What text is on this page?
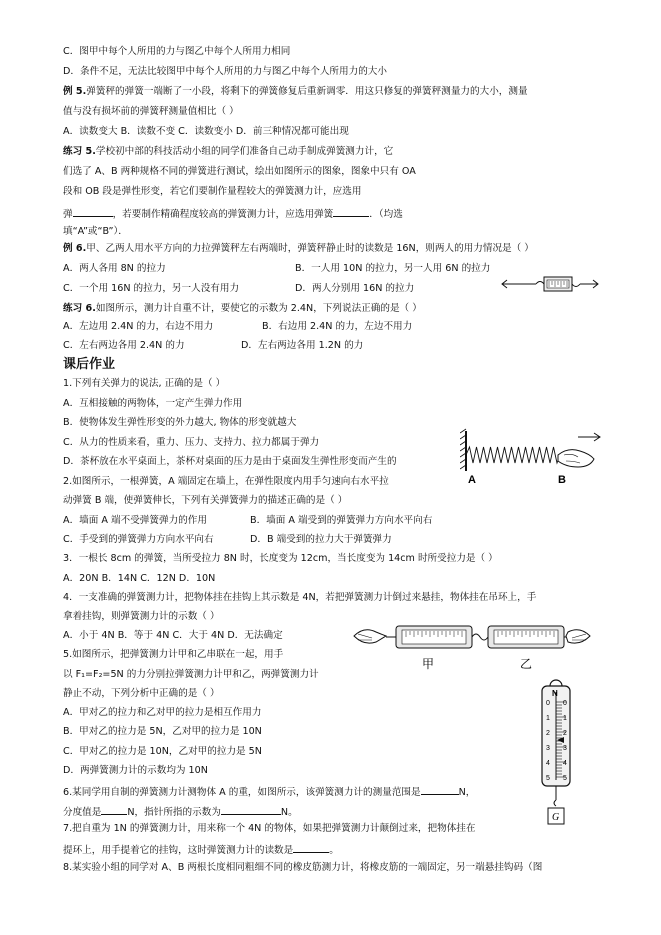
C．图甲中每个人所用的力与图乙中每个人所用力相同
D．条件不足，无法比较图甲中每个人所用的力与图乙中每个人所用力的大小
例 5.弹簧秤的弹簧一端断了一小段，将剩下的弹簧修复后重新调零．用这只修复的弹簧秤测量力的大小，测量
值与没有损坏前的弹簧秤测量值相比（ ）
A．读数变大 B．读数不变 C．读数变小 D．前三种情况都可能出现
练习 5.学校初中部的科技活动小组的同学们准备自己动手制成弹簧测力计，它
们选了 A、B 两种规格不同的弹簧进行测试，绘出如图所示的图象，图象中只有 OA
段和 OB 段是弹性形变，若它们要制作量程较大的弹簧测力计，应选用
弹	，若要制作精确程度较高的弹簧测力计，应选用弹簧	．（均选
填“A”或“B”）．
例 6.甲、乙两人用水平方向的力拉弹簧秤左右两端时，弹簧秤静止时的读数是 16N，则两人的用力情况是（ ）
A．两人各用 8N 的拉力	B．一人用 10N 的拉力，另一人用 6N 的拉力
C．一个用 16N 的拉力，另一人没有用力	D．两人分别用 16N 的拉力
练习 6.如图所示，测力计自重不计，要使它的示数为 2.4N，下列说法正确的是（ ）
A．左边用 2.4N 的力，右边不用力	B．右边用 2.4N 的力，左边不用力
C．左右两边各用 2.4N 的力	D．左右两边各用 1.2N 的力
课后作业
1.下列有关弹力的说法, 正确的是（ ）
A．互相接触的两物体，一定产生弹力作用
B．使物体发生弹性形变的外力越大, 物体的形变就越大
C．从力的性质来看，重力、压力、支持力、拉力都属于弹力
D．茶杯放在水平桌面上，茶杯对桌面的压力是由于桌面发生弹性形变而产生的
A	B
2.如图所示，一根弹簧，A 端固定在墙上，在弹性限度内用手匀速向右水平拉
动弹簧 B 端，使弹簧伸长，下列有关弹簧弹力的描述正确的是（ ）
A．墙面 A 端不受弹簧弹力的作用	B．墙面 A 端受到的弹簧弹力方向水平向右
C．手受到的弹簧弹力方向水平向右	D．B 端受到的拉力大于弹簧弹力
3．一根长 8cm 的弹簧，当所受拉力 8N 时，长度变为 12cm，当长度变为 14cm 时所受拉力是（ ）
A．20N B．14N C．12N D．10N
4．一支准确的弹簧测力计，把物体挂在挂钩上其示数是 4N，若把弹簧测力计倒过来悬挂，物体挂在吊环上，手
拿着挂钩，则弹簧测力计的示数（ ）
A．小于 4N B．等于 4N C．大于 4N D．无法确定
甲	乙
5.如图所示，把弹簧测力计甲和乙串联在一起，用手
以 F₁=F₂=5N 的力分别拉弹簧测力计甲和乙，两弹簧测力计
静止不动，下列分析中正确的是（ ）
A．甲对乙的拉力和乙对甲的拉力是相互作用力
B．甲对乙的拉力是 5N，乙对甲的拉力是 10N
C．甲对乙的拉力是 10N，乙对甲的拉力是 5N
D．两弹簧测力计的示数均为 10N
0 0
1 1
2 2
3 3
4 4
5 5
N
G
6.某同学用自制的弹簧测力计测物体 A 的重，如图所示，该弹簧测力计的测量范围是	N，
分度值是	N，指针所指的示数为	N。
7.把自重为 1N 的弹簧测力计，用来称一个 4N 的物体，如果把弹簧测力计颠倒过来，把物体挂在
提环上，用手提着它的挂钩，这时弹簧测力计的读数是	。
8.某实验小组的同学对 A、B 两根长度相同粗细不同的橡皮筋测力计，将橡皮筋的一端固定，另一端悬挂钩码（图
